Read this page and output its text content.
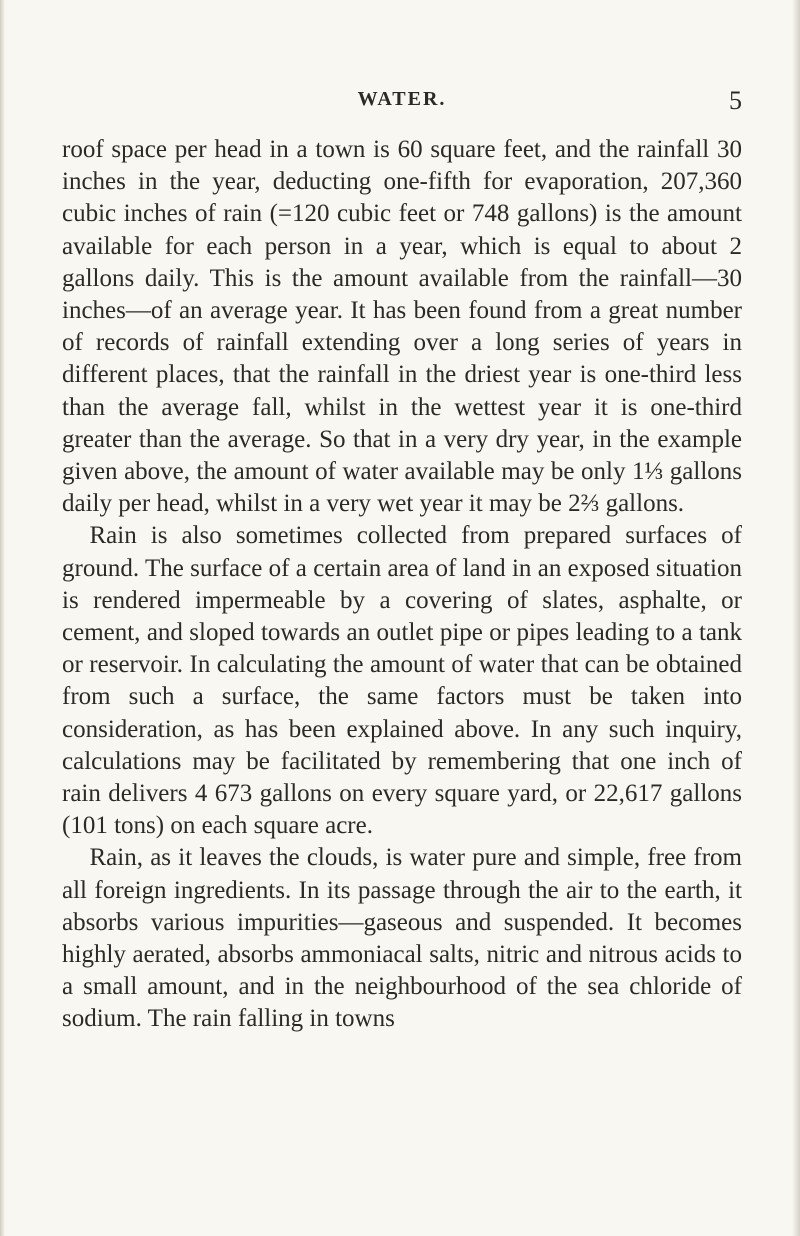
WATER.	5

roof space per head in a town is 60 square feet, and the rainfall 30 inches in the year, deducting one-fifth for evaporation, 207,360 cubic inches of rain (=120 cubic feet or 748 gallons) is the amount available for each person in a year, which is equal to about 2 gallons daily. This is the amount available from the rainfall—30 inches—of an average year. It has been found from a great number of records of rainfall extending over a long series of years in different places, that the rainfall in the driest year is one-third less than the average fall, whilst in the wettest year it is one-third greater than the average. So that in a very dry year, in the example given above, the amount of water available may be only 1⅓ gallons daily per head, whilst in a very wet year it may be 2⅔ gallons.

Rain is also sometimes collected from prepared surfaces of ground. The surface of a certain area of land in an exposed situation is rendered impermeable by a covering of slates, asphalte, or cement, and sloped towards an outlet pipe or pipes leading to a tank or reservoir. In calculating the amount of water that can be obtained from such a surface, the same factors must be taken into consideration, as has been explained above. In any such inquiry, calculations may be facilitated by remembering that one inch of rain delivers 4 673 gallons on every square yard, or 22,617 gallons (101 tons) on each square acre.

Rain, as it leaves the clouds, is water pure and simple, free from all foreign ingredients. In its passage through the air to the earth, it absorbs various impurities—gaseous and suspended. It becomes highly aerated, absorbs ammoniacal salts, nitric and nitrous acids to a small amount, and in the neighbourhood of the sea chloride of sodium. The rain falling in towns
